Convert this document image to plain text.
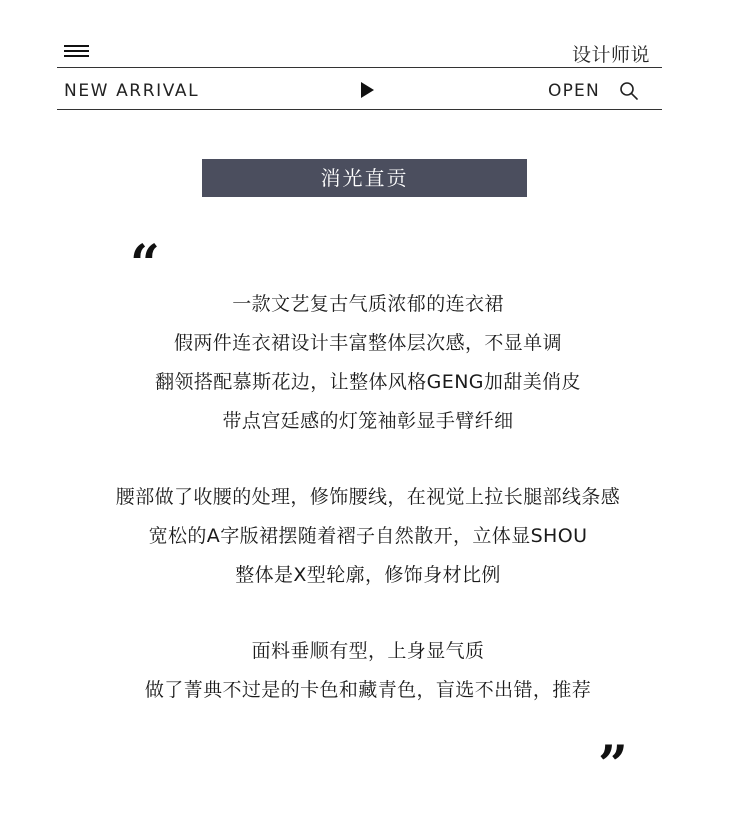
设计师说
NEW ARRIVAL	OPEN
消光直贡
“
一款文艺复古气质浓郁的连衣裙
假两件连衣裙设计丰富整体层次感，不显单调
翻领搭配慕斯花边，让整体风格GENG加甜美俏皮
带点宫廷感的灯笼袖彰显手臂纤细
腰部做了收腰的处理，修饰腰线，在视觉上拉长腿部线条感
宽松的A字版裙摆随着褶子自然散开，立体显SHOU
整体是X型轮廓，修饰身材比例
面料垂顺有型，上身显气质
做了菁典不过是的卡色和藏青色，盲选不出错，推荐
”
